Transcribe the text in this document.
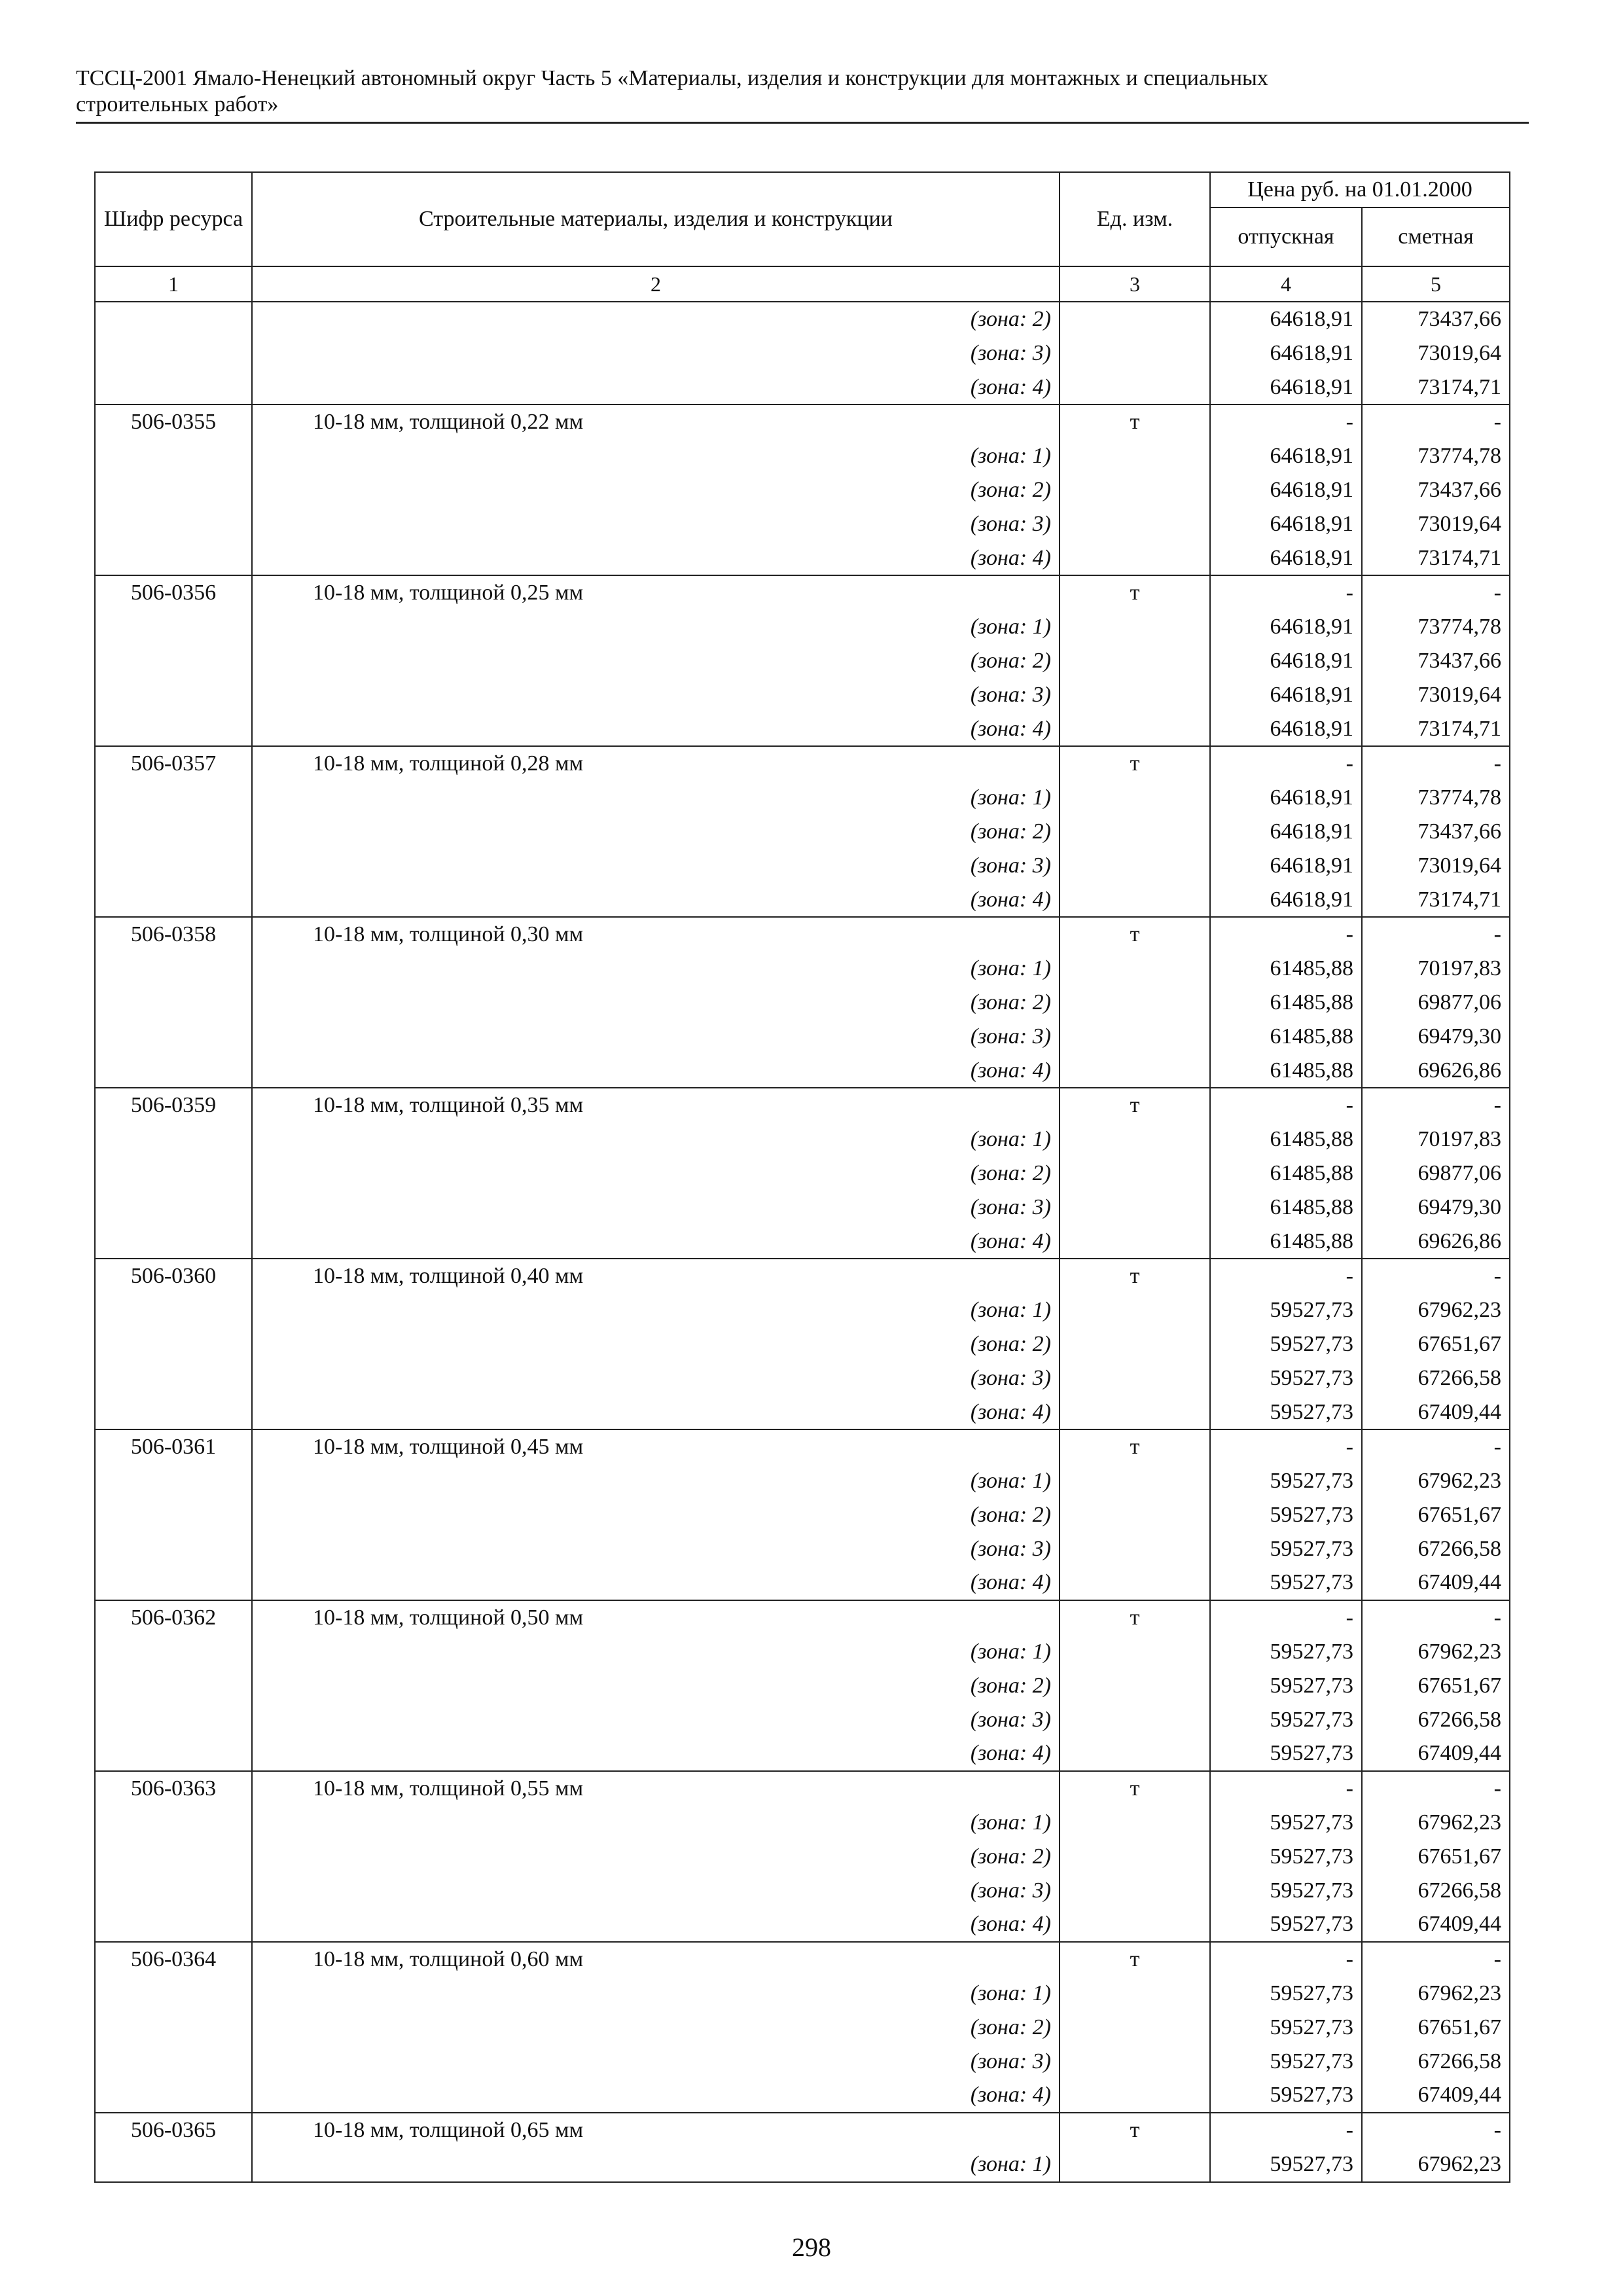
ТССЦ-2001 Ямало-Ненецкий автономный округ Часть 5 «Материалы, изделия и конструкции для монтажных и специальных
строительных работ»
Шифр ресурса	Строительные материалы, изделия и конструкции	Ед. изм.	Цена руб. на 01.01.2000	
			отпускная	сметная
1	2	3	4	5

	(зона: 2)		64618,91	73437,66

	(зона: 3)		64618,91	73019,64

	(зона: 4)		64618,91	73174,71
506-0355	10-18 мм, толщиной 0,22 мм	т	-	-

	(зона: 1)		64618,91	73774,78

	(зона: 2)		64618,91	73437,66

	(зона: 3)		64618,91	73019,64

	(зона: 4)		64618,91	73174,71
506-0356	10-18 мм, толщиной 0,25 мм	т	-	-

	(зона: 1)		64618,91	73774,78

	(зона: 2)		64618,91	73437,66

	(зона: 3)		64618,91	73019,64

	(зона: 4)		64618,91	73174,71
506-0357	10-18 мм, толщиной 0,28 мм	т	-	-

	(зона: 1)		64618,91	73774,78

	(зона: 2)		64618,91	73437,66

	(зона: 3)		64618,91	73019,64

	(зона: 4)		64618,91	73174,71
506-0358	10-18 мм, толщиной 0,30 мм	т	-	-

	(зона: 1)		61485,88	70197,83

	(зона: 2)		61485,88	69877,06

	(зона: 3)		61485,88	69479,30

	(зона: 4)		61485,88	69626,86
506-0359	10-18 мм, толщиной 0,35 мм	т	-	-

	(зона: 1)		61485,88	70197,83

	(зона: 2)		61485,88	69877,06

	(зона: 3)		61485,88	69479,30

	(зона: 4)		61485,88	69626,86
506-0360	10-18 мм, толщиной 0,40 мм	т	-	-

	(зона: 1)		59527,73	67962,23

	(зона: 2)		59527,73	67651,67

	(зона: 3)		59527,73	67266,58

	(зона: 4)		59527,73	67409,44
506-0361	10-18 мм, толщиной 0,45 мм	т	-	-

	(зона: 1)		59527,73	67962,23

	(зона: 2)		59527,73	67651,67

	(зона: 3)		59527,73	67266,58

	(зона: 4)		59527,73	67409,44
506-0362	10-18 мм, толщиной 0,50 мм	т	-	-

	(зона: 1)		59527,73	67962,23

	(зона: 2)		59527,73	67651,67

	(зона: 3)		59527,73	67266,58

	(зона: 4)		59527,73	67409,44
506-0363	10-18 мм, толщиной 0,55 мм	т	-	-

	(зона: 1)		59527,73	67962,23

	(зона: 2)		59527,73	67651,67

	(зона: 3)		59527,73	67266,58

	(зона: 4)		59527,73	67409,44
506-0364	10-18 мм, толщиной 0,60 мм	т	-	-

	(зона: 1)		59527,73	67962,23

	(зона: 2)		59527,73	67651,67

	(зона: 3)		59527,73	67266,58

	(зона: 4)		59527,73	67409,44
506-0365	10-18 мм, толщиной 0,65 мм	т	-	-

	(зона: 1)		59527,73	67962,23
298
